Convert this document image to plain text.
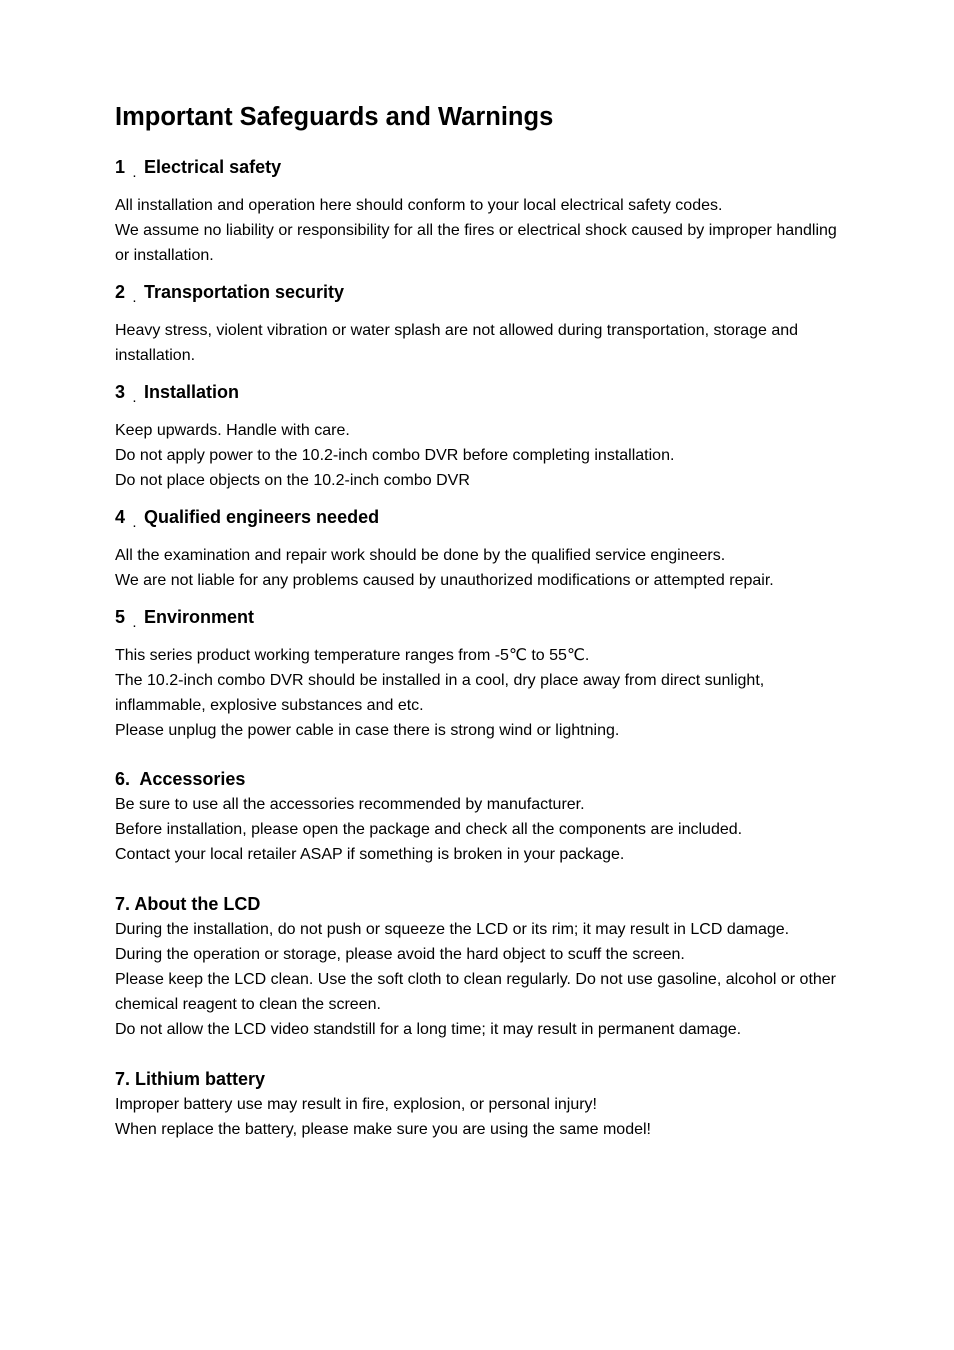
Important Safeguards and Warnings
1 . Electrical safety

All installation and operation here should conform to your local electrical safety codes.

We assume no liability or responsibility for all the fires or electrical shock caused by improper handling or installation.

2 . Transportation security

Heavy stress, violent vibration or water splash are not allowed during transportation, storage and installation.

3 . Installation

Keep upwards. Handle with care.

Do not apply power to the 10.2-inch combo DVR before completing installation.

Do not place objects on the 10.2-inch combo DVR

4 . Qualified engineers needed

All the examination and repair work should be done by the qualified service engineers.

We are not liable for any problems caused by unauthorized modifications or attempted repair.

5 . Environment

This series product working temperature ranges from -5℃ to 55℃.

The 10.2-inch combo DVR should be installed in a cool, dry place away from direct sunlight, inflammable, explosive substances and etc.

Please unplug the power cable in case there is strong wind or lightning.

6.  Accessories

Be sure to use all the accessories recommended by manufacturer.

Before installation, please open the package and check all the components are included.

Contact your local retailer ASAP if something is broken in your package.

7. About the LCD

During the installation, do not push or squeeze the LCD or its rim; it may result in LCD damage.

During the operation or storage, please avoid the hard object to scuff the screen.

Please keep the LCD clean. Use the soft cloth to clean regularly. Do not use gasoline, alcohol or other chemical reagent to clean the screen.

Do not allow the LCD video standstill for a long time; it may result in permanent damage.

7. Lithium battery

Improper battery use may result in fire, explosion, or personal injury!

When replace the battery, please make sure you are using the same model!
